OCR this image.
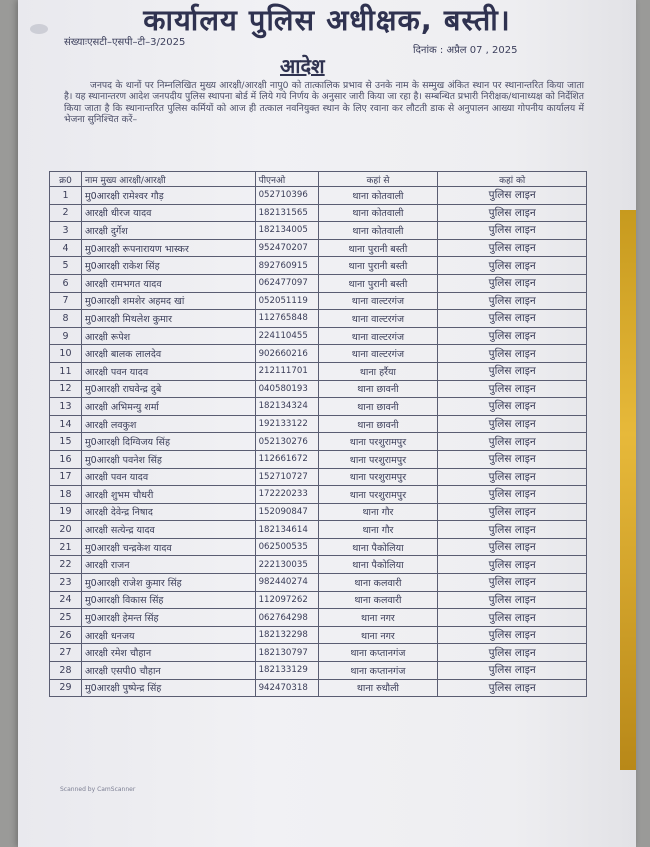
कार्यालय पुलिस अधीक्षक, बस्ती।
संख्याःएसटी–एसपी–टी–3/2025
दिनांक : अप्रैल 07 , 2025
आदेश
जनपद के थानों पर निम्नलिखित मुख्य आरक्षी/आरक्षी नापु0 को तात्कालिक प्रभाव से उनके नाम के सम्मुख अंकित स्थान पर स्थानान्तरित किया जाता है। यह स्थानान्तरण आदेश जनपदीय पुलिस स्थापना बोर्ड में लिये गये निर्णय के अनुसार जारी किया जा रहा है। सम्बन्धित प्रभारी निरीक्षक/थानाध्यक्ष को निर्देशित किया जाता है कि स्थानान्तरित पुलिस कर्मियों को आज ही तत्काल नवनियुक्त स्थान के लिए रवाना कर लौटती डाक से अनुपालन आख्या गोपनीय कार्यालय में भेजना सुनिश्चित करें–
क्र0	नाम मुख्य आरक्षी/आरक्षी	पीएनओ	कहां से	कहां को
1	मु0आरक्षी रामेश्वर गौड़	052710396	थाना कोतवाली	पुलिस लाइन
2	आरक्षी धीरज यादव	182131565	थाना कोतवाली	पुलिस लाइन
3	आरक्षी दुर्गेश	182134005	थाना कोतवाली	पुलिस लाइन
4	मु0आरक्षी रूपनारायण भास्कर	952470207	थाना पुरानी बस्ती	पुलिस लाइन
5	मु0आरक्षी राकेश सिंह	892760915	थाना पुरानी बस्ती	पुलिस लाइन
6	आरक्षी रामभगत यादव	062477097	थाना पुरानी बस्ती	पुलिस लाइन
7	मु0आरक्षी शमशेर अहमद खां	052051119	थाना वाल्टरगंज	पुलिस लाइन
8	मु0आरक्षी मिथलेश कुमार	112765848	थाना वाल्टरगंज	पुलिस लाइन
9	आरक्षी रूपेश	224110455	थाना वाल्टरगंज	पुलिस लाइन
10	आरक्षी बालक लालदेव	902660216	थाना वाल्टरगंज	पुलिस लाइन
11	आरक्षी पवन यादव	212111701	थाना हर्रैया	पुलिस लाइन
12	मु0आरक्षी राघवेन्द्र दुबे	040580193	थाना छावनी	पुलिस लाइन
13	आरक्षी अभिमन्यु शर्मा	182134324	थाना छावनी	पुलिस लाइन
14	आरक्षी लवकुश	192133122	थाना छावनी	पुलिस लाइन
15	मु0आरक्षी दिग्विजय सिंह	052130276	थाना परशुरामपुर	पुलिस लाइन
16	मु0आरक्षी पवनेश सिंह	112661672	थाना परशुरामपुर	पुलिस लाइन
17	आरक्षी पवन यादव	152710727	थाना परशुरामपुर	पुलिस लाइन
18	आरक्षी शुभम चौधरी	172220233	थाना परशुरामपुर	पुलिस लाइन
19	आरक्षी देवेन्द्र निषाद	152090847	थाना गौर	पुलिस लाइन
20	आरक्षी सत्येन्द्र यादव	182134614	थाना गौर	पुलिस लाइन
21	मु0आरक्षी चन्द्रकेश यादव	062500535	थाना पैकोलिया	पुलिस लाइन
22	आरक्षी राजन	222130035	थाना पैकोलिया	पुलिस लाइन
23	मु0आरक्षी राजेश कुमार सिंह	982440274	थाना कलवारी	पुलिस लाइन
24	मु0आरक्षी विकास सिंह	112097262	थाना कलवारी	पुलिस लाइन
25	मु0आरक्षी हेमन्त सिंह	062764298	थाना नगर	पुलिस लाइन
26	आरक्षी धनजय	182132298	थाना नगर	पुलिस लाइन
27	आरक्षी रमेश चौहान	182130797	थाना कप्तानगंज	पुलिस लाइन
28	आरक्षी एसपी0 चौहान	182133129	थाना कप्तानगंज	पुलिस लाइन
29	मु0आरक्षी पुष्पेन्द्र सिंह	942470318	थाना रुधौली	पुलिस लाइन
Scanned by CamScanner
